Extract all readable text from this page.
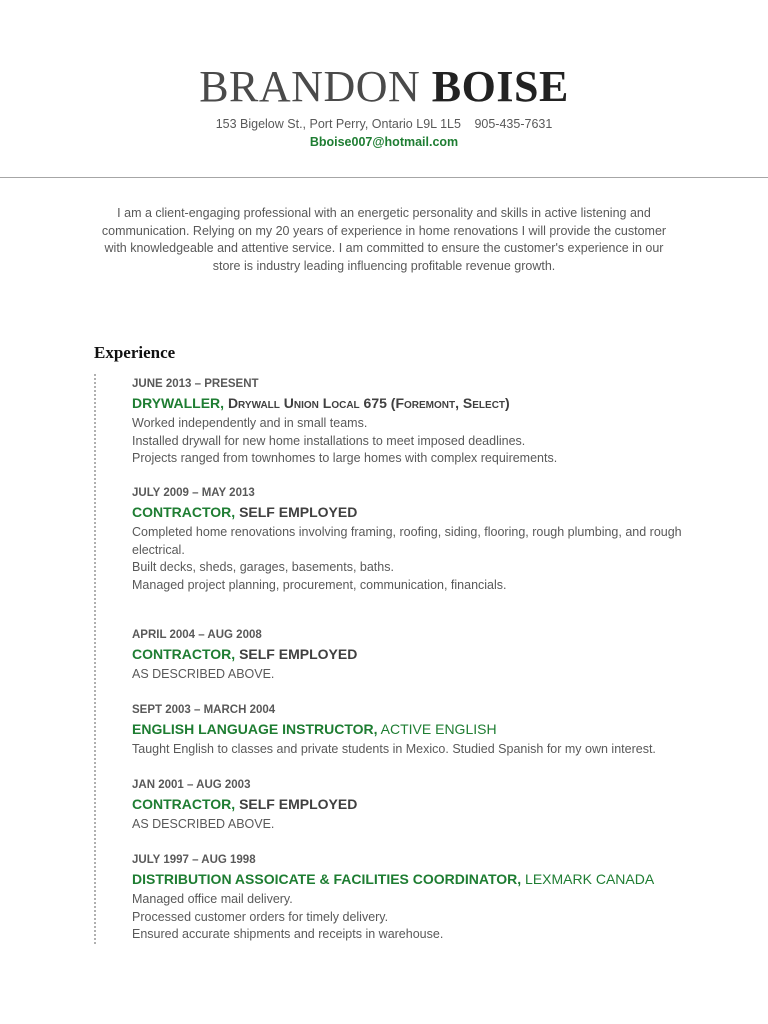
BRANDON BOISE
153 Bigelow St., Port Perry, Ontario L9L 1L5 905-435-7631
Bboise007@hotmail.com
I am a client-engaging professional with an energetic personality and skills in active listening and communication. Relying on my 20 years of experience in home renovations I will provide the customer with knowledgeable and attentive service. I am committed to ensure the customer's experience in our store is industry leading influencing profitable revenue growth.
Experience
JUNE 2013 – PRESENT
DRYWALLER, Drywall Union Local 675 (Foremont, Select)
Worked independently and in small teams.
Installed drywall for new home installations to meet imposed deadlines.
Projects ranged from townhomes to large homes with complex requirements.
JULY 2009 – MAY 2013
CONTRACTOR, SELF EMPLOYED
Completed home renovations involving framing, roofing, siding, flooring, rough plumbing, and rough electrical.
Built decks, sheds, garages, basements, baths.
Managed project planning, procurement, communication, financials.
APRIL 2004 – AUG 2008
CONTRACTOR, SELF EMPLOYED
AS DESCRIBED ABOVE.
SEPT 2003 – MARCH 2004
ENGLISH LANGUAGE INSTRUCTOR, ACTIVE ENGLISH
Taught English to classes and private students in Mexico. Studied Spanish for my own interest.
JAN 2001 – AUG 2003
CONTRACTOR, SELF EMPLOYED
AS DESCRIBED ABOVE.
JULY 1997 – AUG 1998
DISTRIBUTION ASSOICATE & FACILITIES COORDINATOR, LEXMARK CANADA
Managed office mail delivery.
Processed customer orders for timely delivery.
Ensured accurate shipments and receipts in warehouse.
